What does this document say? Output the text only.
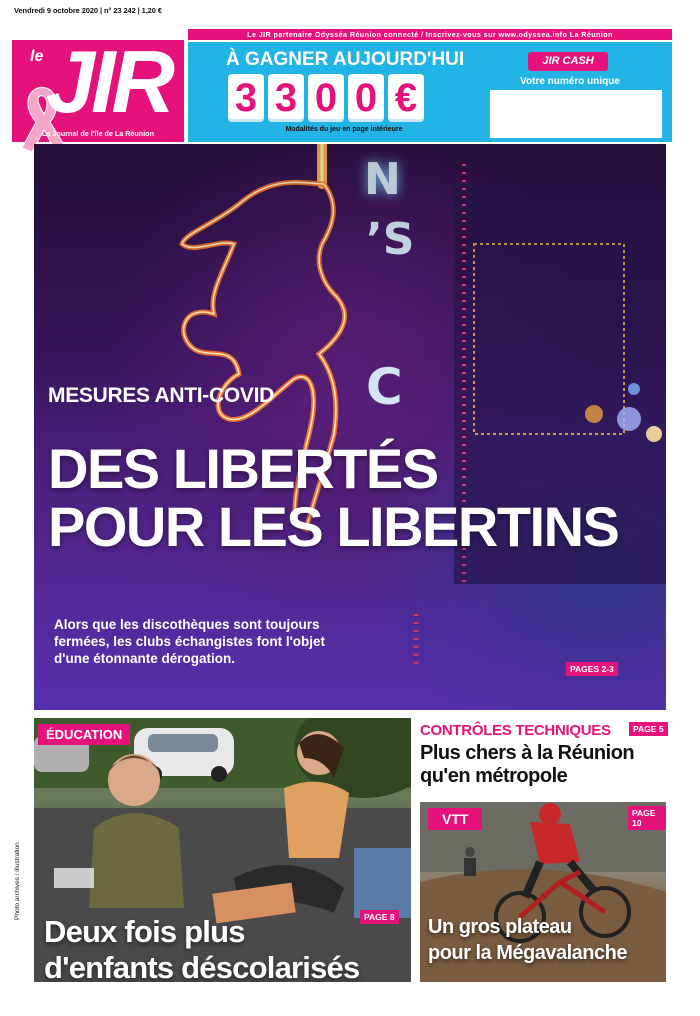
Vendredi 9 octobre 2020 | n° 23 242 | 1,20 €
le JIR
Le Journal de l'île de La Réunion
Le JIR partenaire Odysséa Réunion connecté / Inscrivez-vous sur www.odyssea.info La Réunion
À GAGNER AUJOURD'HUI
3 3 0 0 €
Modalités du jeu en page intérieure
JIR CASH
Votre numéro unique
MESURES ANTI-COVID
DES LIBERTÉS
POUR LES LIBERTINS
Alors que les discothèques sont toujours fermées, les clubs échangistes font l'objet d'une étonnante dérogation.
PAGES 2-3
ÉDUCATION
Deux fois plus
d'enfants déscolarisés
PAGE 8
Photo archives / illustration
CONTRÔLES TECHNIQUES	PAGE 5
Plus chers à la Réunion
qu'en métropole
VTT	PAGE 10
Un gros plateau
pour la Mégavalanche
